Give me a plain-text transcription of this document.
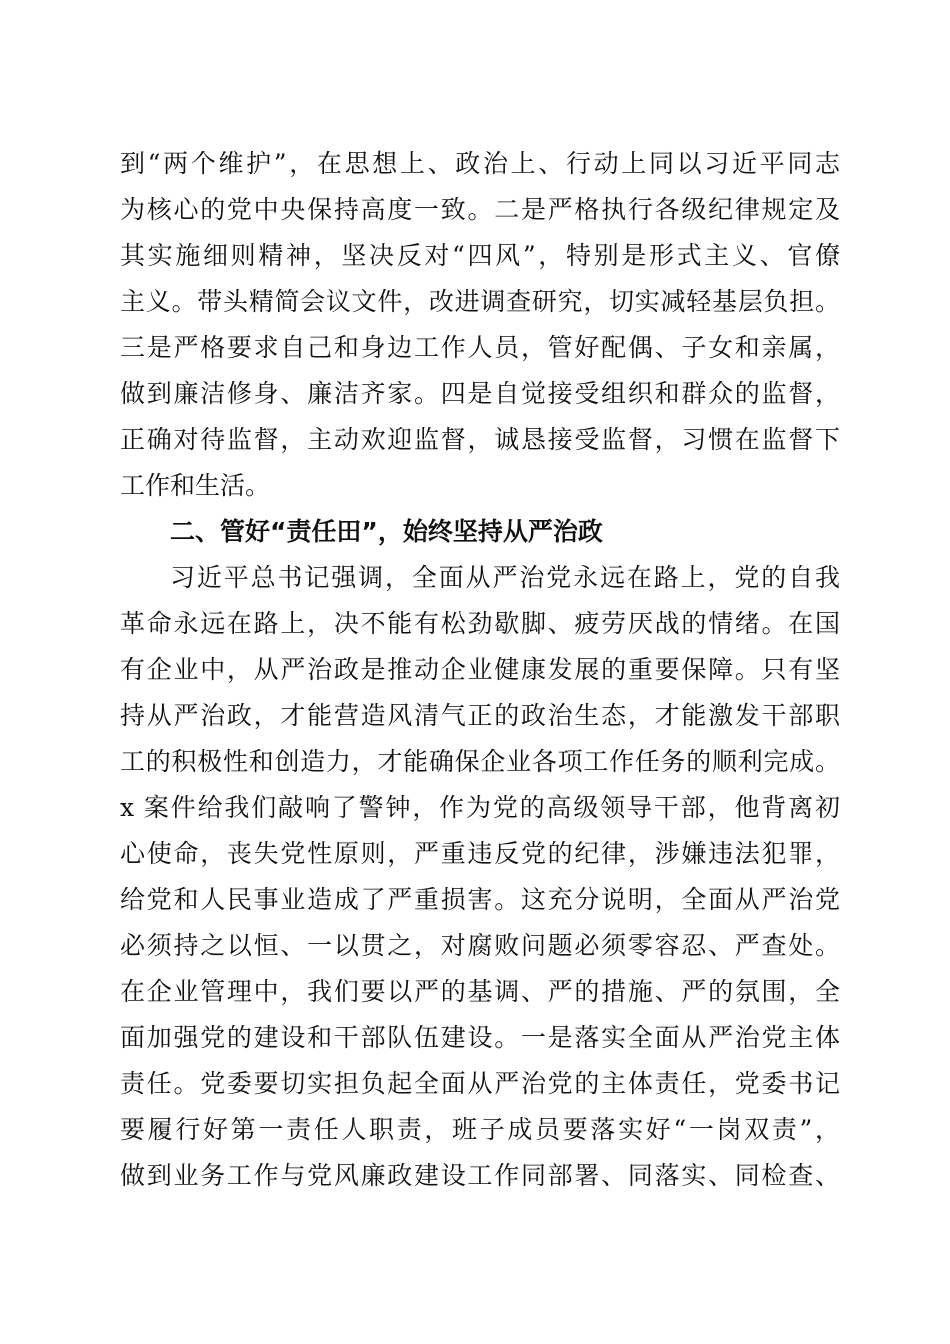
到“两个维护”，在思想上、政治上、行动上同以习近平同志
为核心的党中央保持高度一致。二是严格执行各级纪律规定及
其实施细则精神，坚决反对“四风”，特别是形式主义、官僚
主义。带头精简会议文件，改进调查研究，切实减轻基层负担。
三是严格要求自己和身边工作人员，管好配偶、子女和亲属，
做到廉洁修身、廉洁齐家。四是自觉接受组织和群众的监督，
正确对待监督，主动欢迎监督，诚恳接受监督，习惯在监督下
工作和生活。
二、管好“责任田”，始终坚持从严治政
习近平总书记强调，全面从严治党永远在路上，党的自我
革命永远在路上，决不能有松劲歇脚、疲劳厌战的情绪。在国
有企业中，从严治政是推动企业健康发展的重要保障。只有坚
持从严治政，才能营造风清气正的政治生态，才能激发干部职
工的积极性和创造力，才能确保企业各项工作任务的顺利完成。
x 案件给我们敲响了警钟，作为党的高级领导干部，他背离初
心使命，丧失党性原则，严重违反党的纪律，涉嫌违法犯罪，
给党和人民事业造成了严重损害。这充分说明，全面从严治党
必须持之以恒、一以贯之，对腐败问题必须零容忍、严查处。
在企业管理中，我们要以严的基调、严的措施、严的氛围，全
面加强党的建设和干部队伍建设。一是落实全面从严治党主体
责任。党委要切实担负起全面从严治党的主体责任，党委书记
要履行好第一责任人职责，班子成员要落实好“一岗双责”，
做到业务工作与党风廉政建设工作同部署、同落实、同检查、
